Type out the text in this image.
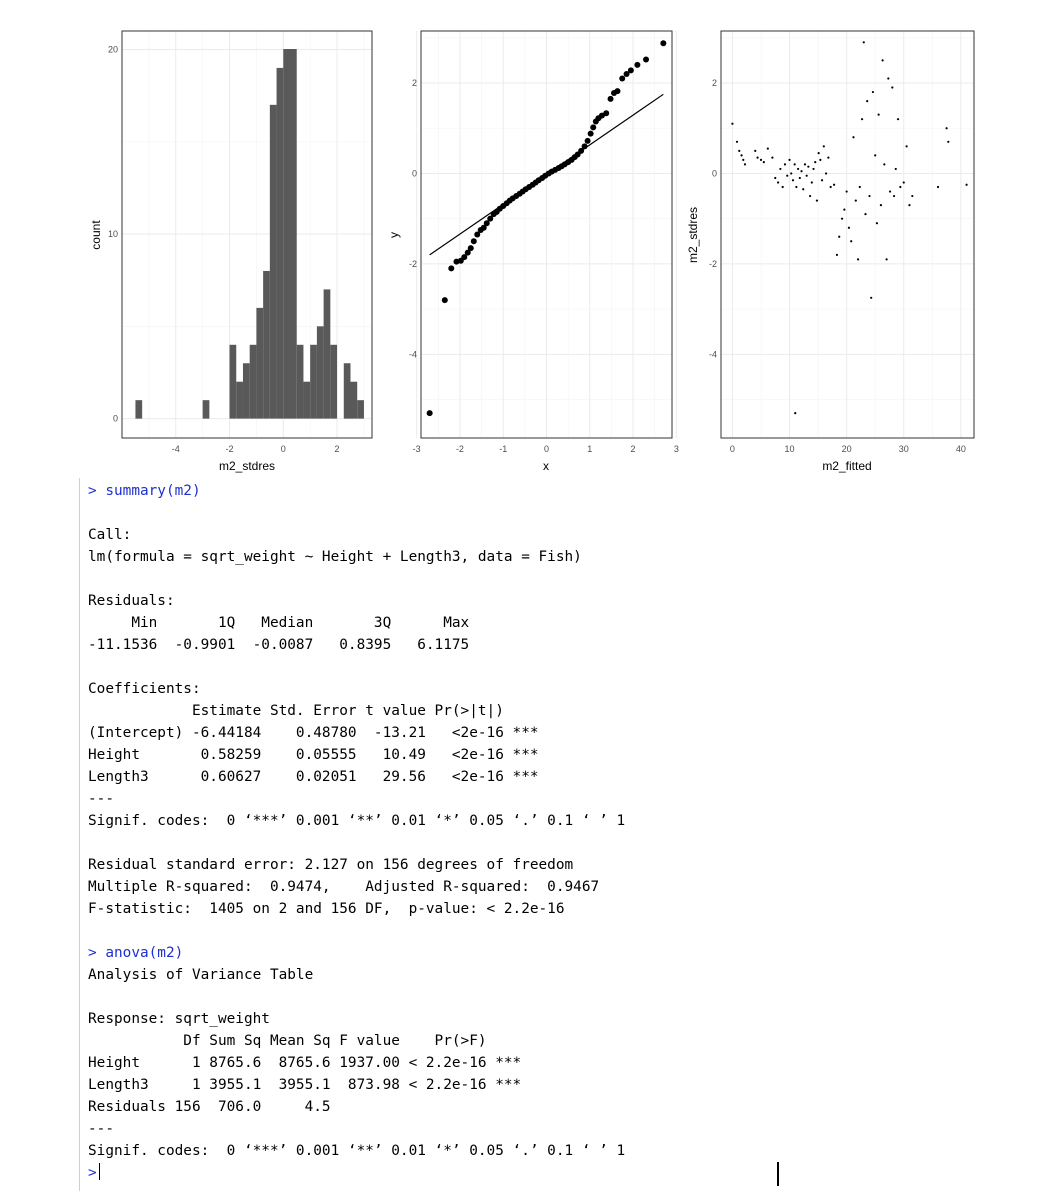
-4	-2	0	2
0
10
20
m2_stdres
count
-3	-2	-1	0	1	2	3
-4
-2
0
2
x
y
0	10	20	30	40
-4
-2
0
2
m2_fitted
m2_stdres
> summary(m2)
Call:
lm(formula = sqrt_weight ~ Height + Length3, data = Fish)
Residuals:
Min       1Q   Median       3Q      Max
-11.1536  -0.9901  -0.0087   0.8395   6.1175
Coefficients:
Estimate Std. Error t value Pr(>|t|)
(Intercept) -6.44184    0.48780  -13.21   <2e-16 ***
Height       0.58259    0.05555   10.49   <2e-16 ***
Length3      0.60627    0.02051   29.56   <2e-16 ***
---
Signif. codes:  0 ‘***’ 0.001 ‘**’ 0.01 ‘*’ 0.05 ‘.’ 0.1 ‘ ’ 1
Residual standard error: 2.127 on 156 degrees of freedom
Multiple R-squared:  0.9474,    Adjusted R-squared:  0.9467
F-statistic:  1405 on 2 and 156 DF,  p-value: < 2.2e-16
> anova(m2)
Analysis of Variance Table
Response: sqrt_weight
Df Sum Sq Mean Sq F value    Pr(>F)
Height      1 8765.6  8765.6 1937.00 < 2.2e-16 ***
Length3     1 3955.1  3955.1  873.98 < 2.2e-16 ***
Residuals 156  706.0     4.5
---
Signif. codes:  0 ‘***’ 0.001 ‘**’ 0.01 ‘*’ 0.05 ‘.’ 0.1 ‘ ’ 1
>
